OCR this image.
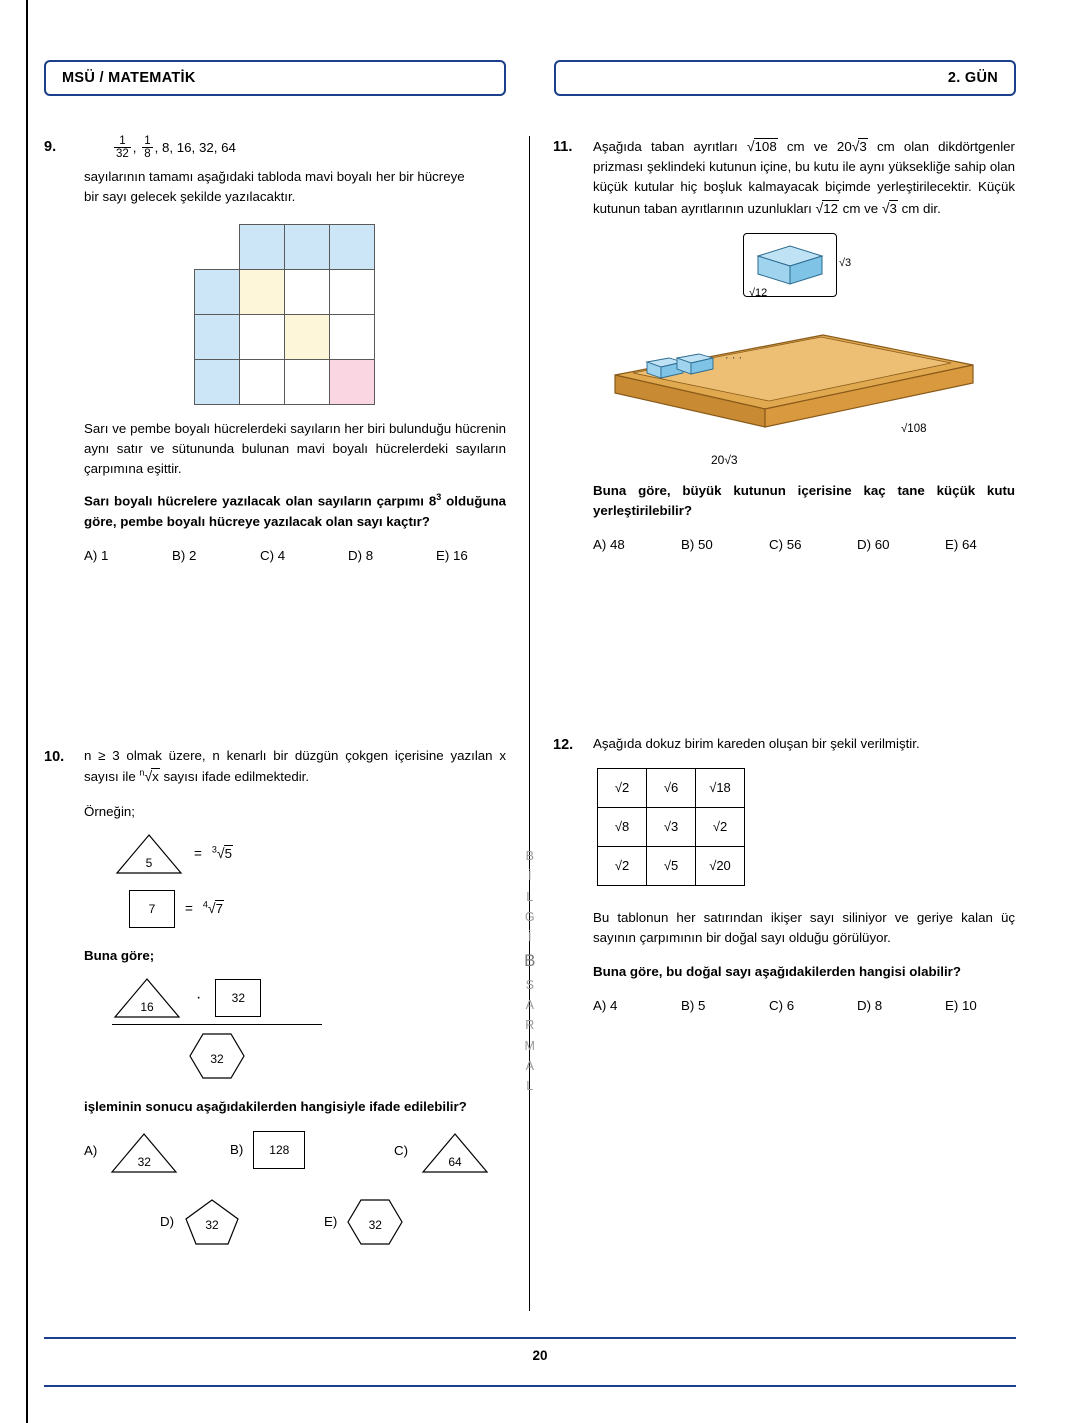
MSÜ / MATEMATİK	2. GÜN
B
İ
L
G
İ
B
S
A
R
M
A
L
9.	$\frac{1}{32}$ , $\frac{1}{8}$ , 8, 16, 32, 64
sayılarının tamamı aşağıdaki tabloda mavi boyalı her bir hücreye
bir sayı gelecek şekilde yazılacaktır.

Sarı ve pembe boyalı hücrelerdeki sayıların her biri bulunduğu hücrenin aynı satır ve sütununda bulunan mavi boyalı hücrelerdeki sayıların çarpımına eşittir.
Sarı boyalı hücrelere yazılacak olan sayıların çarpımı $8^3$ olduğuna göre, pembe boyalı hücreye yazılacak olan sayı kaçtır?
A) 1	B) 2	C) 4	D) 8	E) 16
10. n ≥ 3 olmak üzere, n kenarlı bir düzgün çokgen içerisine yazılan x sayısı ile $^n$√x sayısı ifade edilmektedir.
Örneğin;
5
= $^3$√5
7 = $^4$√7
Buna göre;
16
·	32
32
işleminin sonucu aşağıdakilerden hangisiyle ifade edilebilir?
A)
32
B) 128	C)
64
D)	32	E)	32
11. Aşağıda taban ayrıtları √108 cm ve 20√3 cm olan dikdörtgenler prizması şeklindeki kutunun içine, bu kutu ile aynı yüksekliğe sahip olan küçük kutular hiç boşluk kalmayacak biçimde yerleştirilecektir. Küçük kutunun taban ayrıtlarının uzunlukları √12 cm ve √3 cm dir.
√3
√12
· · ·
√108
20√3
Buna göre, büyük kutunun içerisine kaç tane küçük kutu yerleştirilebilir?
A) 48	B) 50	C) 56	D) 60	E) 64
12. Aşağıda dokuz birim kareden oluşan bir şekil verilmiştir.
√2	√6	√18
√8	√3	√2
√2	√5	√20
Bu tablonun her satırından ikişer sayı siliniyor ve geriye kalan üç sayının çarpımının bir doğal sayı olduğu görülüyor.
Buna göre, bu doğal sayı aşağıdakilerden hangisi olabilir?
A) 4	B) 5	C) 6	D) 8	E) 10
20
